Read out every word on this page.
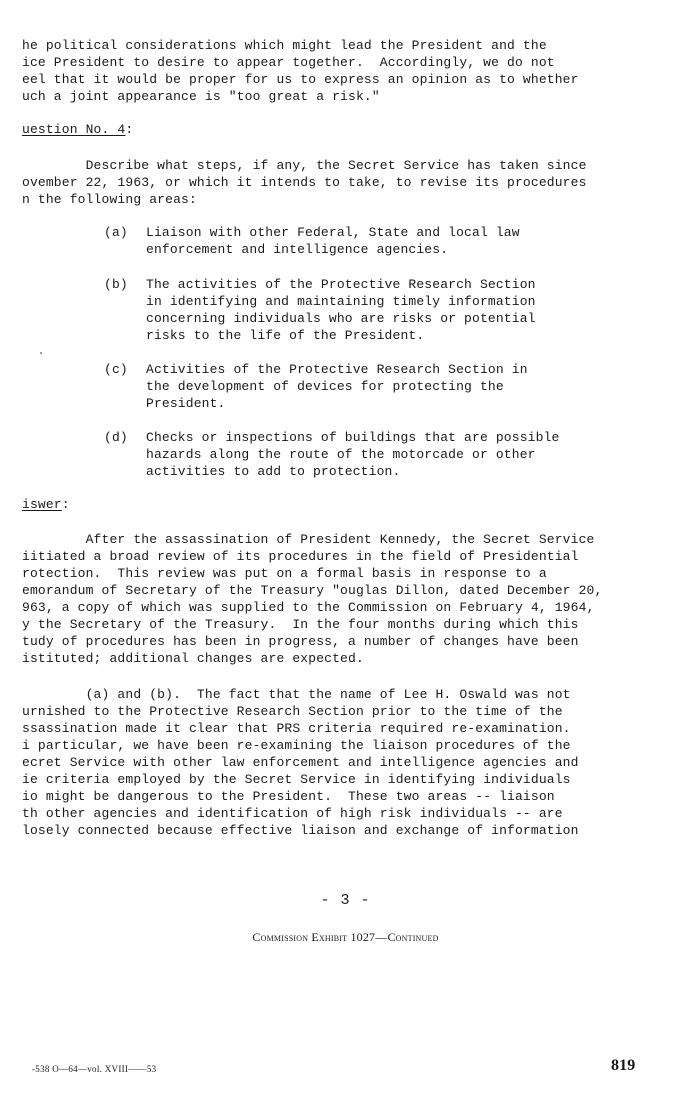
he political considerations which might lead the President and the
ice President to desire to appear together.  Accordingly, we do not
eel that it would be proper for us to express an opinion as to whether
uch a joint appearance is "too great a risk."
uestion No. 4:
Describe what steps, if any, the Secret Service has taken since
ovember 22, 1963, or which it intends to take, to revise its procedures
n the following areas:
(a) Liaison with other Federal, State and local law
enforcement and intelligence agencies.
(b) The activities of the Protective Research Section
in identifying and maintaining timely information
concerning individuals who are risks or potential
risks to the life of the President.
(c) Activities of the Protective Research Section in
the development of devices for protecting the
President.
(d) Checks or inspections of buildings that are possible
hazards along the route of the motorcade or other
activities to add to protection.
iswer:
After the assassination of President Kennedy, the Secret Service
iitiated a broad review of its procedures in the field of Presidential
rotection.  This review was put on a formal basis in response to a
emorandum of Secretary of the Treasury "ouglas Dillon, dated December 20,
963, a copy of which was supplied to the Commission on February 4, 1964,
y the Secretary of the Treasury.  In the four months during which this
tudy of procedures has been in progress, a number of changes have been
istituted; additional changes are expected.
(a) and (b).  The fact that the name of Lee H. Oswald was not
urnished to the Protective Research Section prior to the time of the
ssassination made it clear that PRS criteria required re-examination.
i particular, we have been re-examining the liaison procedures of the
ecret Service with other law enforcement and intelligence agencies and
ie criteria employed by the Secret Service in identifying individuals
io might be dangerous to the President.  These two areas -- liaison
th other agencies and identification of high risk individuals -- are
losely connected because effective liaison and exchange of information
- 3 -
Commission Exhibit 1027—Continued
-538 O—64—vol. XVIII——53	819
